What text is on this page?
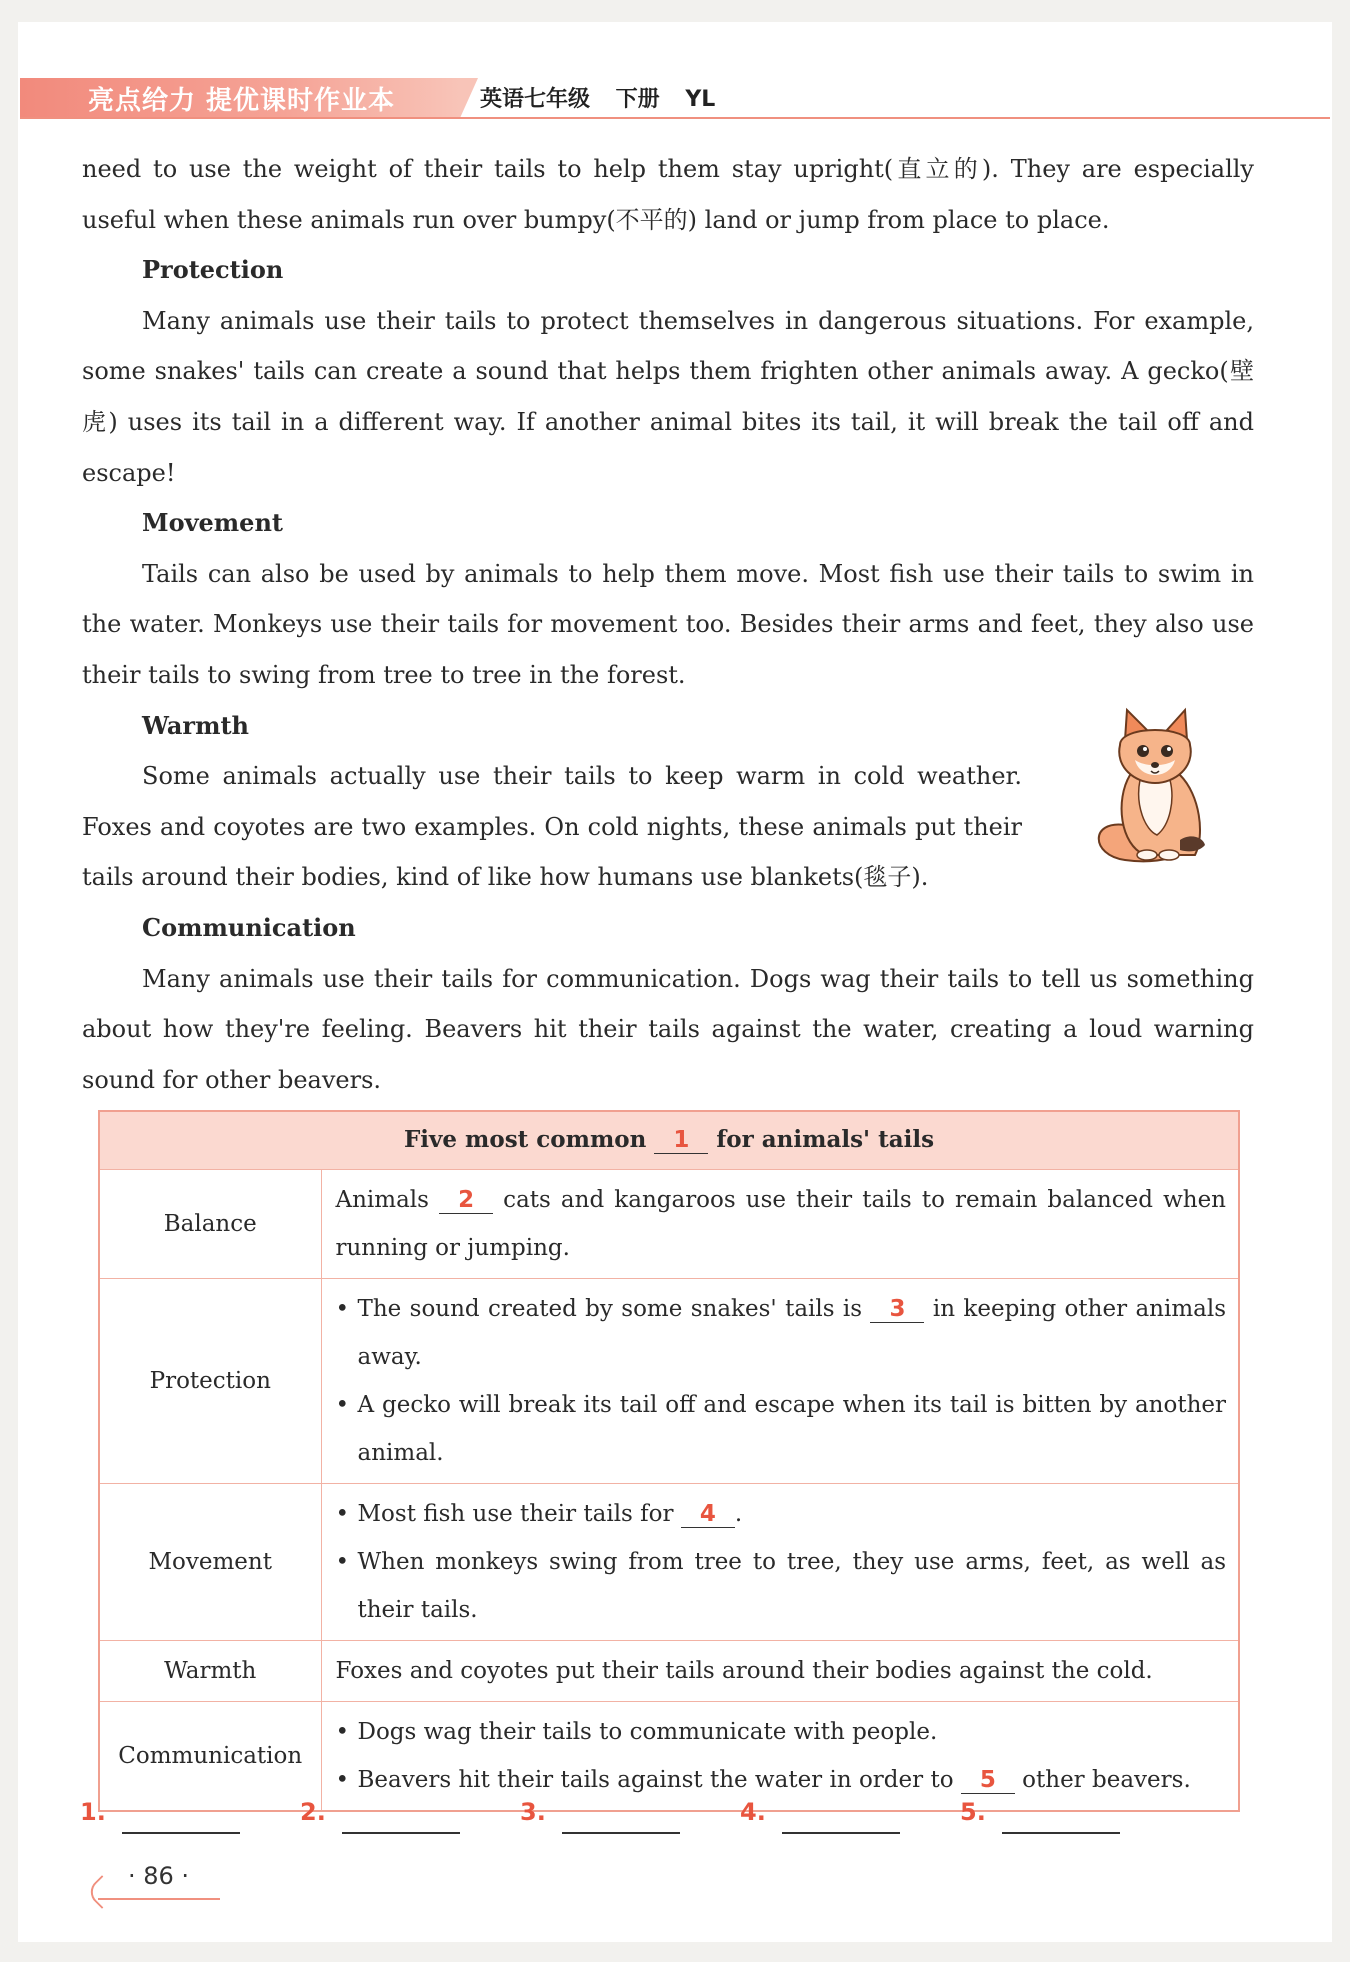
亮点给力 提优课时作业本	英语七年级 下册 YL

need to use the weight of their tails to help them stay upright(直立的). They are especially useful when these animals run over bumpy(不平的) land or jump from place to place.

Protection

Many animals use their tails to protect themselves in dangerous situations. For example, some snakes' tails can create a sound that helps them frighten other animals away. A gecko(壁虎) uses its tail in a different way. If another animal bites its tail, it will break the tail off and escape!

Movement

Tails can also be used by animals to help them move. Most fish use their tails to swim in the water. Monkeys use their tails for movement too. Besides their arms and feet, they also use their tails to swing from tree to tree in the forest.

Warmth

Some animals actually use their tails to keep warm in cold weather. Foxes and coyotes are two examples. On cold nights, these animals put their tails around their bodies, kind of like how humans use blankets(毯子).

Communication

Many animals use their tails for communication. Dogs wag their tails to tell us something about how they're feeling. Beavers hit their tails against the water, creating a loud warning sound for other beavers.

Five most common 1 for animals' tails	
Balance	Animals 2 cats and kangaroos use their tails to remain balanced when running or jumping.
Protection	• The sound created by some snakes' tails is 3 in keeping other animals away.
• A gecko will break its tail off and escape when its tail is bitten by another animal.

Movement	• Most fish use their tails for 4 .
• When monkeys swing from tree to tree, they use arms, feet, as well as their tails.

Warmth	Foxes and coyotes put their tails around their bodies against the cold.
Communication	• Dogs wag their tails to communicate with people.
• Beavers hit their tails against the water in order to 5 other beavers.
1.	2.	3.	4.	5.
· 86 ·
